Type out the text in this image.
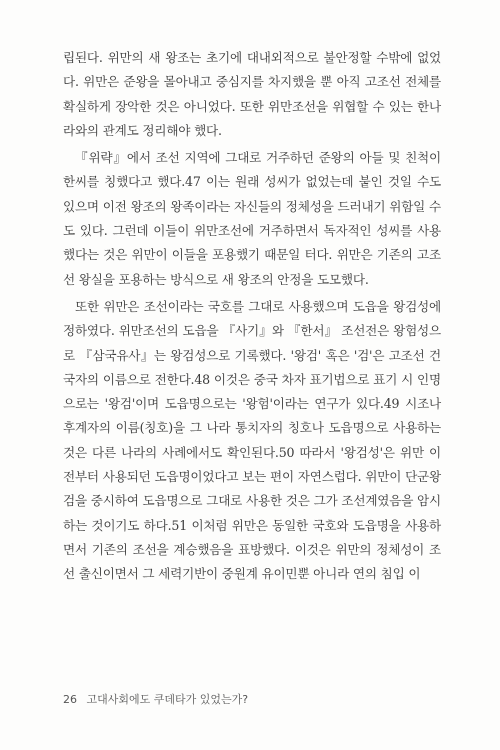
립된다. 위만의 새 왕조는 초기에 대내외적으로 불안정할 수밖에 없었다. 위만은 준왕을 몰아내고 중심지를 차지했을 뿐 아직 고조선 전체를 확실하게 장악한 것은 아니었다. 또한 위만조선을 위협할 수 있는 한나라와의 관계도 정리해야 했다.

『위략』에서 조선 지역에 그대로 거주하던 준왕의 아들 및 친척이 한씨를 칭했다고 했다.47 이는 원래 성씨가 없었는데 붙인 것일 수도 있으며 이전 왕조의 왕족이라는 자신들의 정체성을 드러내기 위함일 수도 있다. 그런데 이들이 위만조선에 거주하면서 독자적인 성씨를 사용했다는 것은 위만이 이들을 포용했기 때문일 터다. 위만은 기존의 고조선 왕실을 포용하는 방식으로 새 왕조의 안정을 도모했다.

또한 위만은 조선이라는 국호를 그대로 사용했으며 도읍을 왕검성에 정하였다. 위만조선의 도읍을 『사기』와 『한서』 조선전은 왕험성으로 『삼국유사』는 왕검성으로 기록했다. '왕검' 혹은 '검'은 고조선 건국자의 이름으로 전한다.48 이것은 중국 차자 표기법으로 표기 시 인명으로는 '왕검'이며 도읍명으로는 '왕험'이라는 연구가 있다.49 시조나 후계자의 이름(칭호)을 그 나라 통치자의 칭호나 도읍명으로 사용하는 것은 다른 나라의 사례에서도 확인된다.50 따라서 '왕검성'은 위만 이전부터 사용되던 도읍명이었다고 보는 편이 자연스럽다. 위만이 단군왕검을 중시하여 도읍명으로 그대로 사용한 것은 그가 조선계였음을 암시하는 것이기도 하다.51 이처럼 위만은 동일한 국호와 도읍명을 사용하면서 기존의 조선을 계승했음을 표방했다. 이것은 위만의 정체성이 조선 출신이면서 그 세력기반이 중원계 유이민뿐 아니라 연의 침입 이

26 고대사회에도 쿠데타가 있었는가?
